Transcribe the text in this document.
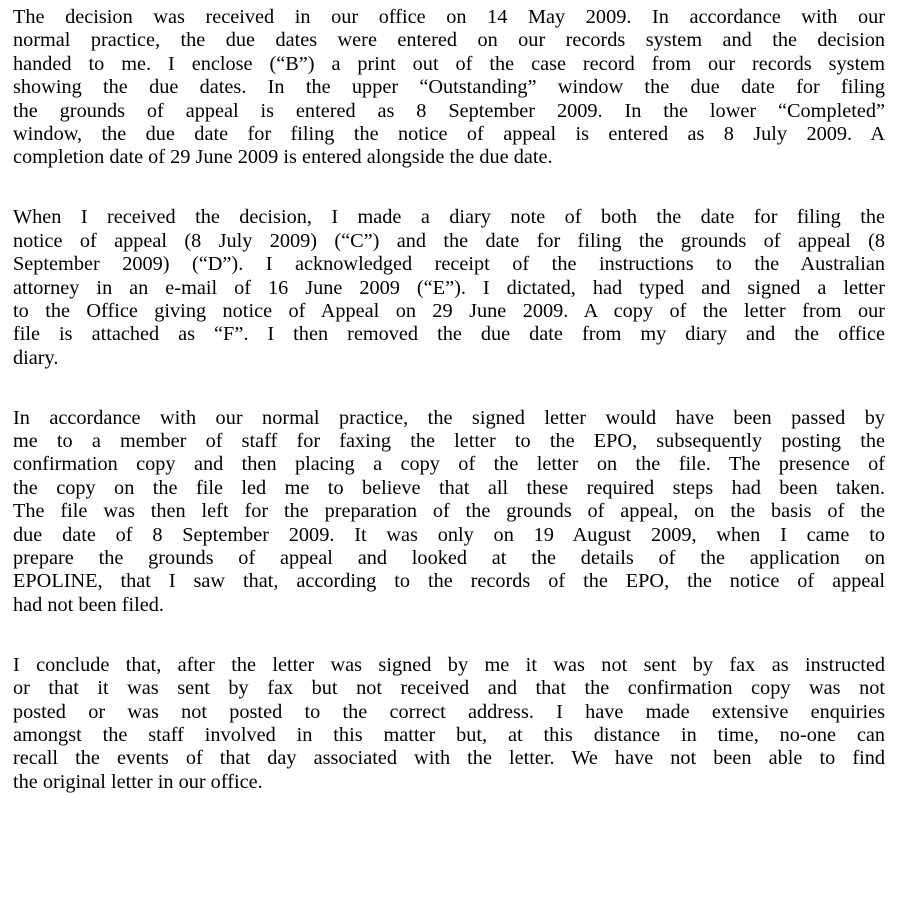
The decision was received in our office on 14 May 2009. In accordance with our
normal practice, the due dates were entered on our records system and the decision
handed to me. I enclose (“B”) a print out of the case record from our records system
showing the due dates. In the upper “Outstanding” window the due date for filing
the grounds of appeal is entered as 8 September 2009. In the lower “Completed”
window, the due date for filing the notice of appeal is entered as 8 July 2009. A
completion date of 29 June 2009 is entered alongside the due date.
When I received the decision, I made a diary note of both the date for filing the
notice of appeal (8 July 2009) (“C”) and the date for filing the grounds of appeal (8
September 2009) (“D”). I acknowledged receipt of the instructions to the Australian
attorney in an e-mail of 16 June 2009 (“E”). I dictated, had typed and signed a letter
to the Office giving notice of Appeal on 29 June 2009. A copy of the letter from our
file is attached as “F”. I then removed the due date from my diary and the office
diary.
In accordance with our normal practice, the signed letter would have been passed by
me to a member of staff for faxing the letter to the EPO, subsequently posting the
confirmation copy and then placing a copy of the letter on the file. The presence of
the copy on the file led me to believe that all these required steps had been taken.
The file was then left for the preparation of the grounds of appeal, on the basis of the
due date of 8 September 2009. It was only on 19 August 2009, when I came to
prepare the grounds of appeal and looked at the details of the application on
EPOLINE, that I saw that, according to the records of the EPO, the notice of appeal
had not been filed.
I conclude that, after the letter was signed by me it was not sent by fax as instructed
or that it was sent by fax but not received and that the confirmation copy was not
posted or was not posted to the correct address. I have made extensive enquiries
amongst the staff involved in this matter but, at this distance in time, no-one can
recall the events of that day associated with the letter. We have not been able to find
the original letter in our office.
